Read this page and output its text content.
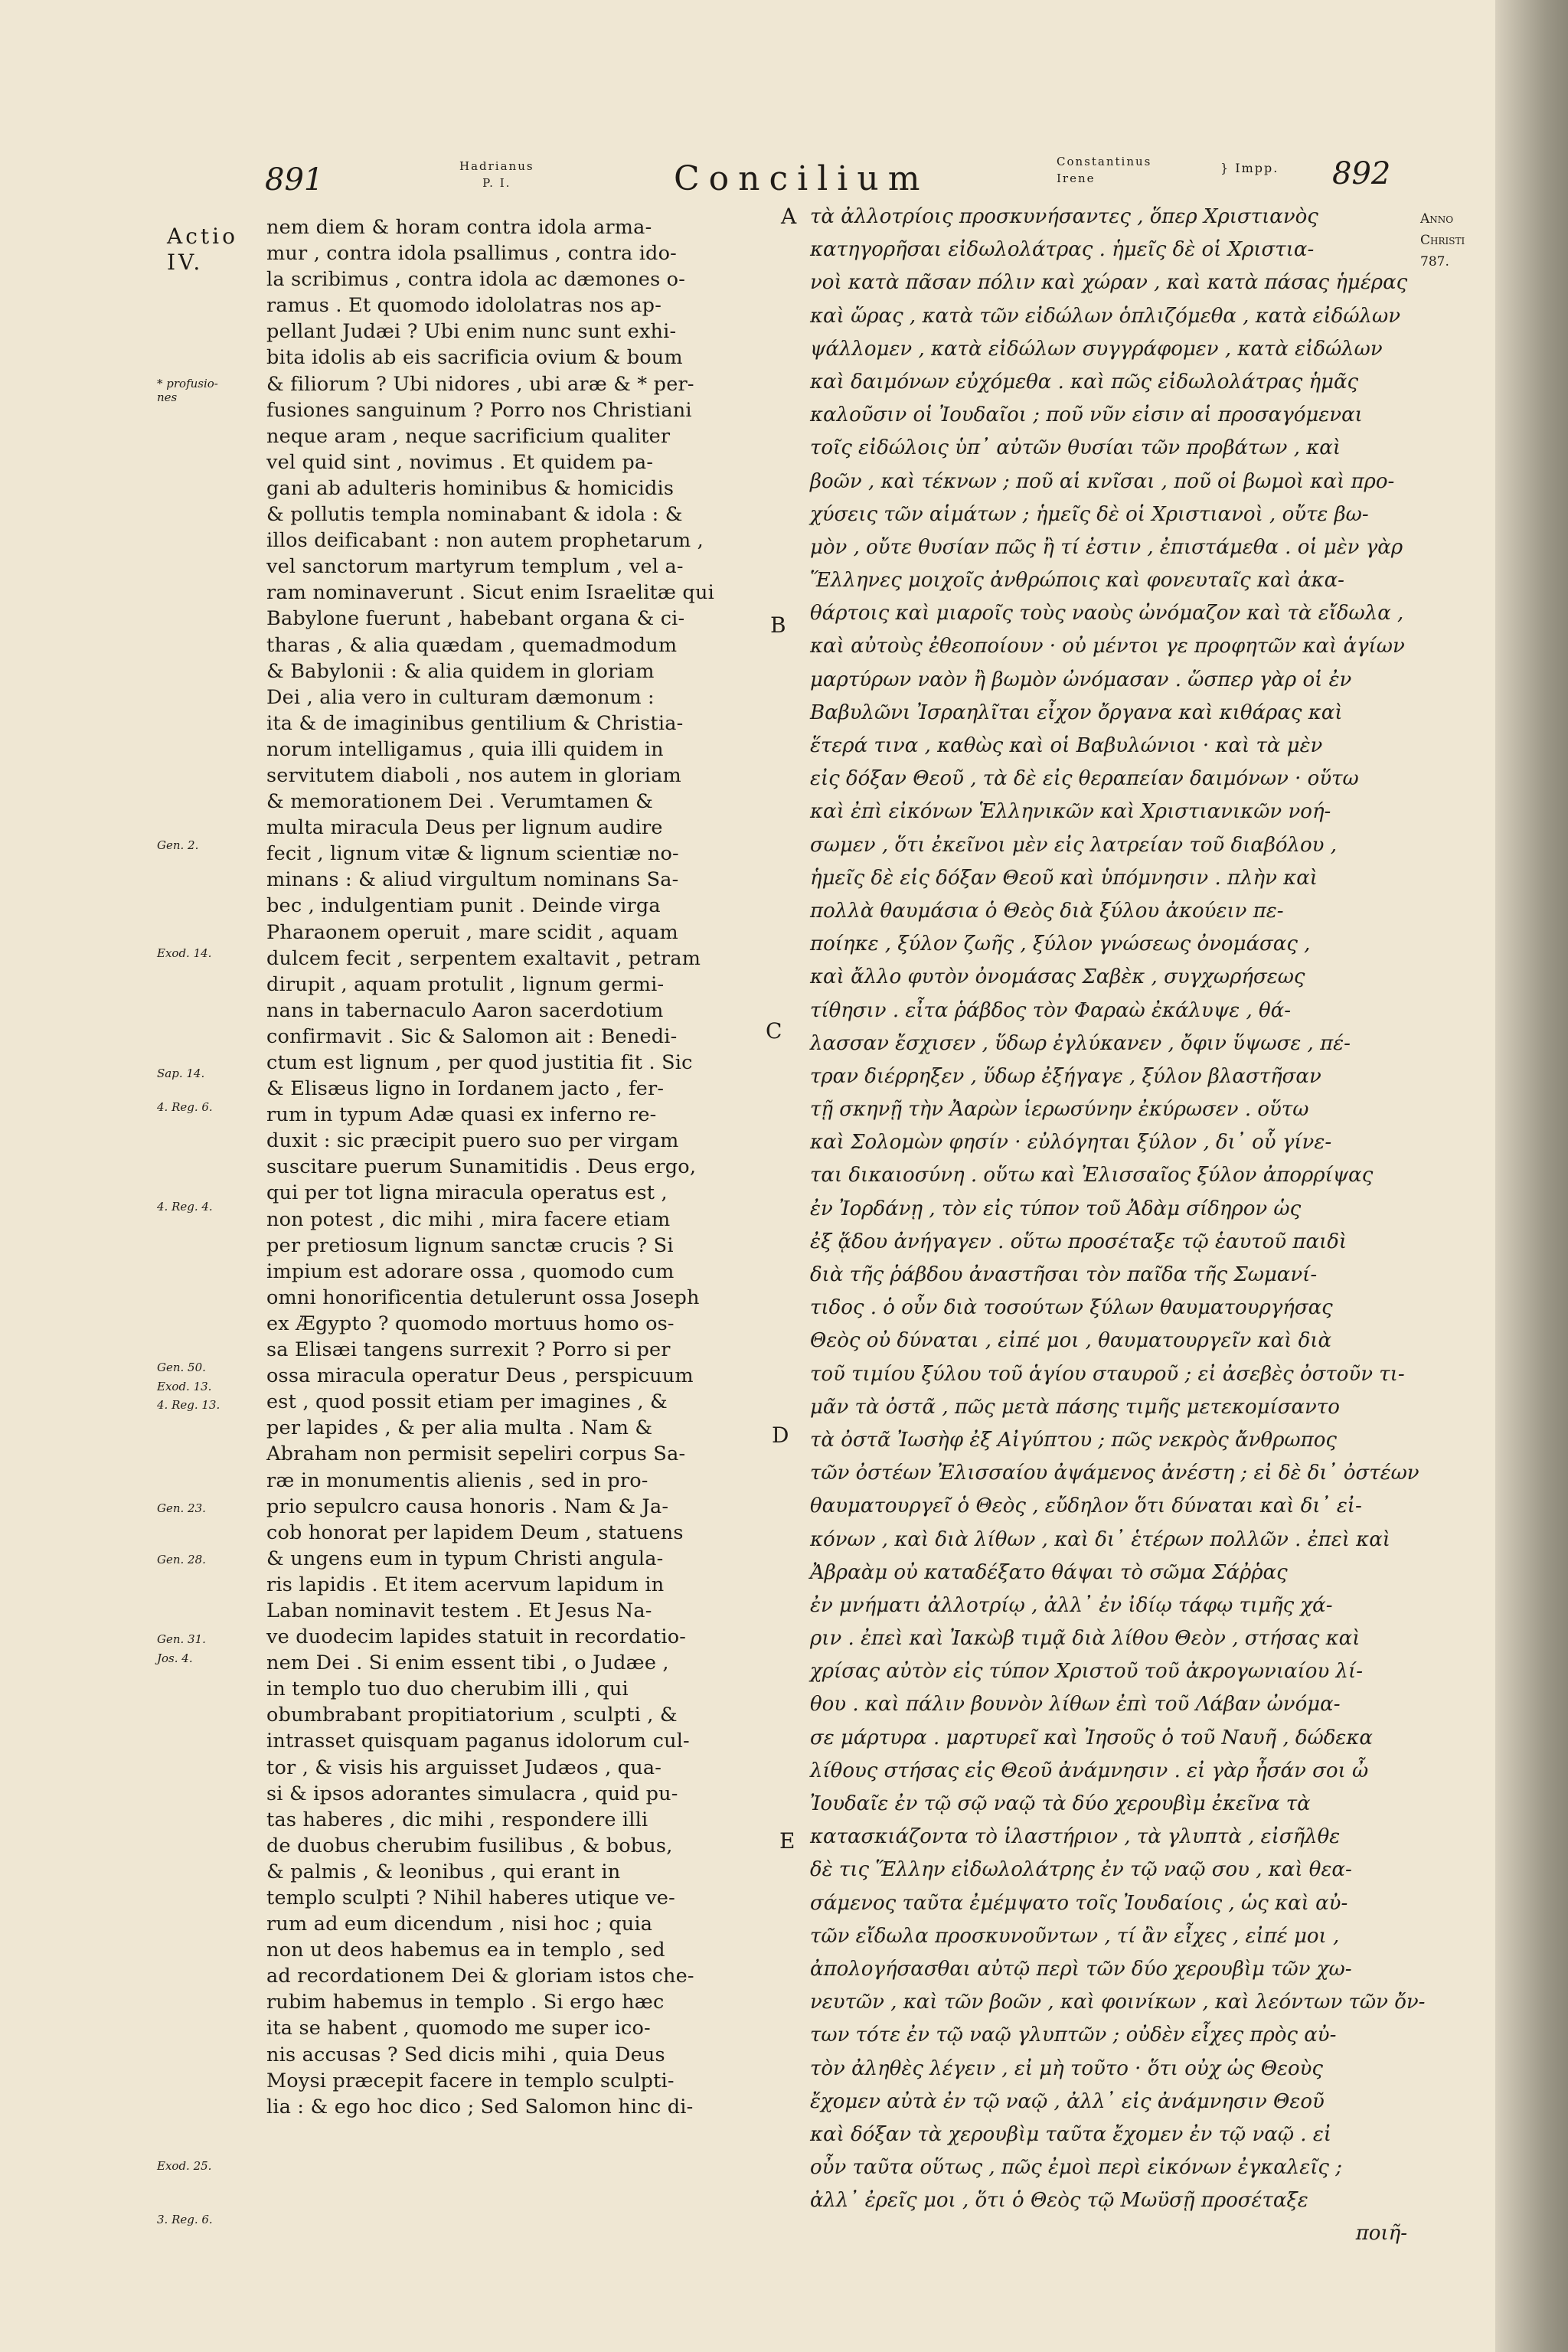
891	Hadrianus
P. I.	Concilium	Constantinus
Irene
} Impp. 892
Anno
Christi
787.
Actio
IV.
* profusio-
nes
Gen. 2.
Exod. 14.
Sap. 14.
4. Reg. 6.
4. Reg. 4.
Gen. 50.
Exod. 13.
4. Reg. 13.
Gen. 23.
Gen. 28.
Gen. 31.
Jos. 4.
Exod. 25.
3. Reg. 6.
A
B
C
D
E
nem diem & horam contra idola arma-
mur , contra idola psallimus , contra ido-
la scribimus , contra idola ac dæmones o-
ramus . Et quomodo idololatras nos ap-
pellant Judæi ? Ubi enim nunc sunt exhi-
bita idolis ab eis sacrificia ovium & boum
& filiorum ? Ubi nidores , ubi aræ & * per-
fusiones sanguinum ? Porro nos Christiani
neque aram , neque sacrificium qualiter
vel quid sint , novimus . Et quidem pa-
gani ab adulteris hominibus & homicidis
& pollutis templa nominabant & idola : &
illos deificabant : non autem prophetarum ,
vel sanctorum martyrum templum , vel a-
ram nominaverunt . Sicut enim Israelitæ qui
Babylone fuerunt , habebant organa & ci-
tharas , & alia quædam , quemadmodum
& Babylonii : & alia quidem in gloriam
Dei , alia vero in culturam dæmonum :
ita & de imaginibus gentilium & Christia-
norum intelligamus , quia illi quidem in
servitutem diaboli , nos autem in gloriam
& memorationem Dei . Verumtamen &
multa miracula Deus per lignum audire
fecit , lignum vitæ & lignum scientiæ no-
minans : & aliud virgultum nominans Sa-
bec , indulgentiam punit . Deinde virga
Pharaonem operuit , mare scidit , aquam
dulcem fecit , serpentem exaltavit , petram
dirupit , aquam protulit , lignum germi-
nans in tabernaculo Aaron sacerdotium
confirmavit . Sic & Salomon ait : Benedi-
ctum est lignum , per quod justitia fit . Sic
& Elisæus ligno in Iordanem jacto , fer-
rum in typum Adæ quasi ex inferno re-
duxit : sic præcipit puero suo per virgam
suscitare puerum Sunamitidis . Deus ergo,
qui per tot ligna miracula operatus est ,
non potest , dic mihi , mira facere etiam
per pretiosum lignum sanctæ crucis ? Si
impium est adorare ossa , quomodo cum
omni honorificentia detulerunt ossa Joseph
ex Ægypto ? quomodo mortuus homo os-
sa Elisæi tangens surrexit ? Porro si per
ossa miracula operatur Deus , perspicuum
est , quod possit etiam per imagines , &
per lapides , & per alia multa . Nam &
Abraham non permisit sepeliri corpus Sa-
ræ in monumentis alienis , sed in pro-
prio sepulcro causa honoris . Nam & Ja-
cob honorat per lapidem Deum , statuens
& ungens eum in typum Christi angula-
ris lapidis . Et item acervum lapidum in
Laban nominavit testem . Et Jesus Na-
ve duodecim lapides statuit in recordatio-
nem Dei . Si enim essent tibi , o Judæe ,
in templo tuo duo cherubim illi , qui
obumbrabant propitiatorium , sculpti , &
intrasset quisquam paganus idolorum cul-
tor , & visis his arguisset Judæos , qua-
si & ipsos adorantes simulacra , quid pu-
tas haberes , dic mihi , respondere illi
de duobus cherubim fusilibus , & bobus,
& palmis , & leonibus , qui erant in
templo sculpti ? Nihil haberes utique ve-
rum ad eum dicendum , nisi hoc ; quia
non ut deos habemus ea in templo , sed
ad recordationem Dei & gloriam istos che-
rubim habemus in templo . Si ergo hæc
ita se habent , quomodo me super ico-
nis accusas ? Sed dicis mihi , quia Deus
Moysi præcepit facere in templo sculpti-
lia : & ego hoc dico ; Sed Salomon hinc di-
τὰ ἀλλοτρίοις προσκυνήσαντες , ὅπερ Χριστιανὸς
κατηγορῆσαι εἰδωλολάτρας . ἡμεῖς δὲ οἱ Χριστια-
νοὶ κατὰ πᾶσαν πόλιν καὶ χώραν , καὶ κατὰ πάσας ἡμέρας
καὶ ὥρας , κατὰ τῶν εἰδώλων ὁπλιζόμεθα , κατὰ εἰδώλων
ψάλλομεν , κατὰ εἰδώλων συγγράφομεν , κατὰ εἰδώλων
καὶ δαιμόνων εὐχόμεθα . καὶ πῶς εἰδωλολάτρας ἡμᾶς
καλοῦσιν οἱ Ἰουδαῖοι ; ποῦ νῦν εἰσιν αἱ προσαγόμεναι
τοῖς εἰδώλοις ὑπ᾽ αὐτῶν θυσίαι τῶν προβάτων , καὶ
βοῶν , καὶ τέκνων ; ποῦ αἱ κνῖσαι , ποῦ οἱ βωμοὶ καὶ προ-
χύσεις τῶν αἱμάτων ; ἡμεῖς δὲ οἱ Χριστιανοὶ , οὔτε βω-
μὸν , οὔτε θυσίαν πῶς ἢ τί ἐστιν , ἐπιστάμεθα . οἱ μὲν γὰρ
Ἕλληνες μοιχοῖς ἀνθρώποις καὶ φονευταῖς καὶ ἀκα-
θάρτοις καὶ μιαροῖς τοὺς ναοὺς ὠνόμαζον καὶ τὰ εἴδωλα ,
καὶ αὐτοὺς ἐθεοποίουν · οὐ μέντοι γε προφητῶν καὶ ἁγίων
μαρτύρων ναὸν ἢ βωμὸν ὠνόμασαν . ὥσπερ γὰρ οἱ ἐν
Βαβυλῶνι Ἰσραηλῖται εἶχον ὄργανα καὶ κιθάρας καὶ
ἕτερά τινα , καθὼς καὶ οἱ Βαβυλώνιοι · καὶ τὰ μὲν
εἰς δόξαν Θεοῦ , τὰ δὲ εἰς θεραπείαν δαιμόνων · οὕτω
καὶ ἐπὶ εἰκόνων Ἑλληνικῶν καὶ Χριστιανικῶν νοή-
σωμεν , ὅτι ἐκεῖνοι μὲν εἰς λατρείαν τοῦ διαβόλου ,
ἡμεῖς δὲ εἰς δόξαν Θεοῦ καὶ ὑπόμνησιν . πλὴν καὶ
πολλὰ θαυμάσια ὁ Θεὸς διὰ ξύλου ἀκούειν πε-
ποίηκε , ξύλον ζωῆς , ξύλον γνώσεως ὀνομάσας ,
καὶ ἄλλο φυτὸν ὀνομάσας Σαβὲκ , συγχωρήσεως
τίθησιν . εἶτα ῥάβδος τὸν Φαραὼ ἐκάλυψε , θά-
λασσαν ἔσχισεν , ὕδωρ ἐγλύκανεν , ὄφιν ὕψωσε , πέ-
τραν διέρρηξεν , ὕδωρ ἐξήγαγε , ξύλον βλαστῆσαν
τῇ σκηνῇ τὴν Ἀαρὼν ἱερωσύνην ἐκύρωσεν . οὕτω
καὶ Σολομὼν φησίν · εὐλόγηται ξύλον , δι᾽ οὗ γίνε-
ται δικαιοσύνη . οὕτω καὶ Ἐλισσαῖος ξύλον ἀπορρίψας
ἐν Ἰορδάνῃ , τὸν εἰς τύπον τοῦ Ἀδὰμ σίδηρον ὡς
ἐξ ᾅδου ἀνήγαγεν . οὕτω προσέταξε τῷ ἑαυτοῦ παιδὶ
διὰ τῆς ῥάβδου ἀναστῆσαι τὸν παῖδα τῆς Σωμανί-
τιδος . ὁ οὖν διὰ τοσούτων ξύλων θαυματουργήσας
Θεὸς οὐ δύναται , εἰπέ μοι , θαυματουργεῖν καὶ διὰ
τοῦ τιμίου ξύλου τοῦ ἁγίου σταυροῦ ; εἰ ἀσεβὲς ὀστοῦν τι-
μᾶν τὰ ὀστᾶ , πῶς μετὰ πάσης τιμῆς μετεκομίσαντο
τὰ ὀστᾶ Ἰωσὴφ ἐξ Αἰγύπτου ; πῶς νεκρὸς ἄνθρωπος
τῶν ὀστέων Ἐλισσαίου ἀψάμενος ἀνέστη ; εἰ δὲ δι᾽ ὀστέων
θαυματουργεῖ ὁ Θεὸς , εὔδηλον ὅτι δύναται καὶ δι᾽ εἰ-
κόνων , καὶ διὰ λίθων , καὶ δι᾽ ἑτέρων πολλῶν . ἐπεὶ καὶ
Ἀβραὰμ οὐ καταδέξατο θάψαι τὸ σῶμα Σάῤῥας
ἐν μνήματι ἀλλοτρίῳ , ἀλλ᾽ ἐν ἰδίῳ τάφῳ τιμῆς χά-
ριν . ἐπεὶ καὶ Ἰακὼβ τιμᾷ διὰ λίθου Θεὸν , στήσας καὶ
χρίσας αὐτὸν εἰς τύπον Χριστοῦ τοῦ ἀκρογωνιαίου λί-
θου . καὶ πάλιν βουνὸν λίθων ἐπὶ τοῦ Λάβαν ὠνόμα-
σε μάρτυρα . μαρτυρεῖ καὶ Ἰησοῦς ὁ τοῦ Ναυῆ , δώδεκα
λίθους στήσας εἰς Θεοῦ ἀνάμνησιν . εἰ γὰρ ἦσάν σοι ὦ
Ἰουδαῖε ἐν τῷ σῷ ναῷ τὰ δύο χερουβὶμ ἐκεῖνα τὰ
κατασκιάζοντα τὸ ἱλαστήριον , τὰ γλυπτὰ , εἰσῆλθε
δὲ τις Ἕλλην εἰδωλολάτρης ἐν τῷ ναῷ σου , καὶ θεα-
σάμενος ταῦτα ἐμέμψατο τοῖς Ἰουδαίοις , ὡς καὶ αὐ-
τῶν εἴδωλα προσκυνοῦντων , τί ἂν εἶχες , εἰπέ μοι ,
ἀπολογήσασθαι αὐτῷ περὶ τῶν δύο χερουβὶμ τῶν χω-
νευτῶν , καὶ τῶν βοῶν , καὶ φοινίκων , καὶ λεόντων τῶν ὄν-
των τότε ἐν τῷ ναῷ γλυπτῶν ; οὐδὲν εἶχες πρὸς αὐ-
τὸν ἀληθὲς λέγειν , εἰ μὴ τοῦτο · ὅτι οὐχ ὡς Θεοὺς
ἔχομεν αὐτὰ ἐν τῷ ναῷ , ἀλλ᾽ εἰς ἀνάμνησιν Θεοῦ
καὶ δόξαν τὰ χερουβὶμ ταῦτα ἔχομεν ἐν τῷ ναῷ . εἰ
οὖν ταῦτα οὕτως , πῶς ἐμοὶ περὶ εἰκόνων ἐγκαλεῖς ;
ἀλλ᾽ ἐρεῖς μοι , ὅτι ὁ Θεὸς τῷ Μωϋσῇ προσέταξε
ποιῆ-
